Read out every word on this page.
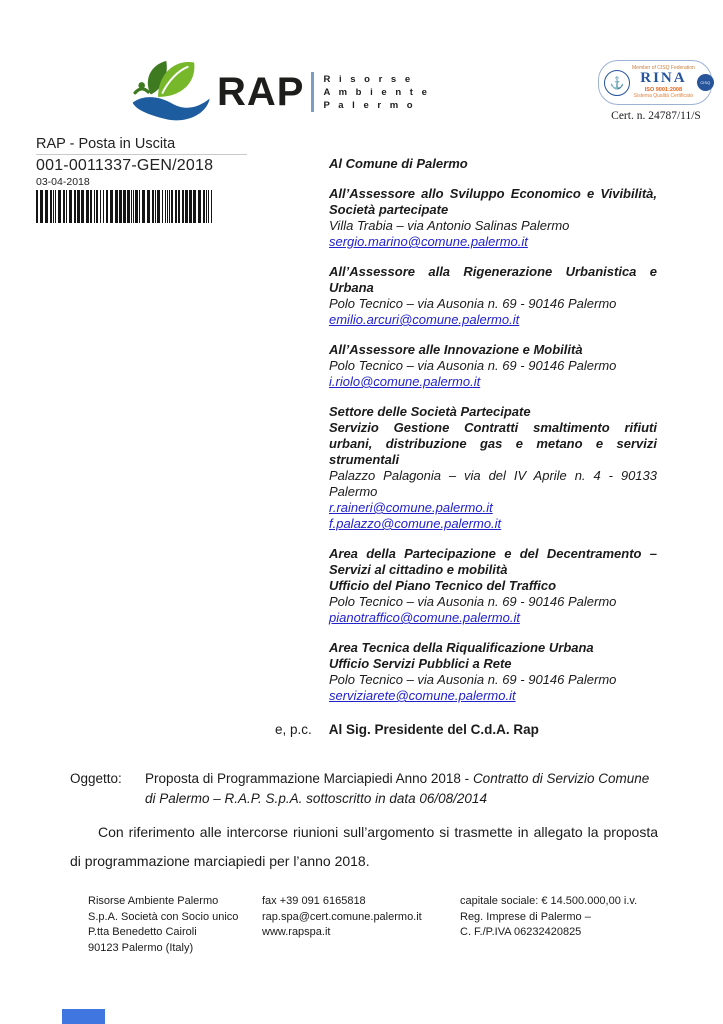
RAP R i s o r s e
A m b i e n t e
P a l e r m o
⚓
Member of CISQ Federation
RINA
ISO 9001:2008
Sistema Qualità Certificato
CISQ
Cert. n. 24787/11/S
RAP - Posta in Uscita
001-0011337-GEN/2018
03-04-2018

Al Comune di Palermo

All’Assessore allo Sviluppo Economico e Vivibilità, Società partecipate

Villa Trabia – via Antonio Salinas Palermo

sergio.marino@comune.palermo.it

All’Assessore alla Rigenerazione Urbanistica e Urbana

Polo Tecnico – via Ausonia n. 69 - 90146 Palermo

emilio.arcuri@comune.palermo.it

All’Assessore alle Innovazione e Mobilità

Polo Tecnico – via Ausonia n. 69 - 90146 Palermo

i.riolo@comune.palermo.it

Settore delle Società Partecipate

Servizio Gestione Contratti smaltimento rifiuti urbani, distribuzione gas e metano e servizi strumentali

Palazzo Palagonia – via del IV Aprile n. 4 - 90133 Palermo

r.raineri@comune.palermo.it

f.palazzo@comune.palermo.it

Area della Partecipazione e del Decentramento – Servizi al cittadino e mobilità

Ufficio del Piano Tecnico del Traffico

Polo Tecnico – via Ausonia n. 69 - 90146 Palermo

pianotraffico@comune.palermo.it

Area Tecnica della Riqualificazione Urbana

Ufficio Servizi Pubblici a Rete

Polo Tecnico – via Ausonia n. 69 - 90146 Palermo

serviziarete@comune.palermo.it

e, p.c. Al Sig. Presidente del C.d.A. Rap
Oggetto:	Proposta di Programmazione Marciapiedi Anno 2018 - Contratto di Servizio Comune di Palermo – R.A.P. S.p.A. sottoscritto in data 06/08/2014

Con riferimento alle intercorse riunioni sull’argomento si trasmette in allegato la proposta di programmazione marciapiedi per l’anno 2018.

Risorse Ambiente Palermo
S.p.A. Società con Socio unico
P.tta Benedetto Cairoli
90123 Palermo (Italy)
fax +39 091 6165818
rap.spa@cert.comune.palermo.it
www.rapspa.it
capitale sociale: € 14.500.000,00 i.v.
Reg. Imprese di Palermo –
C. F./P.IVA 06232420825
